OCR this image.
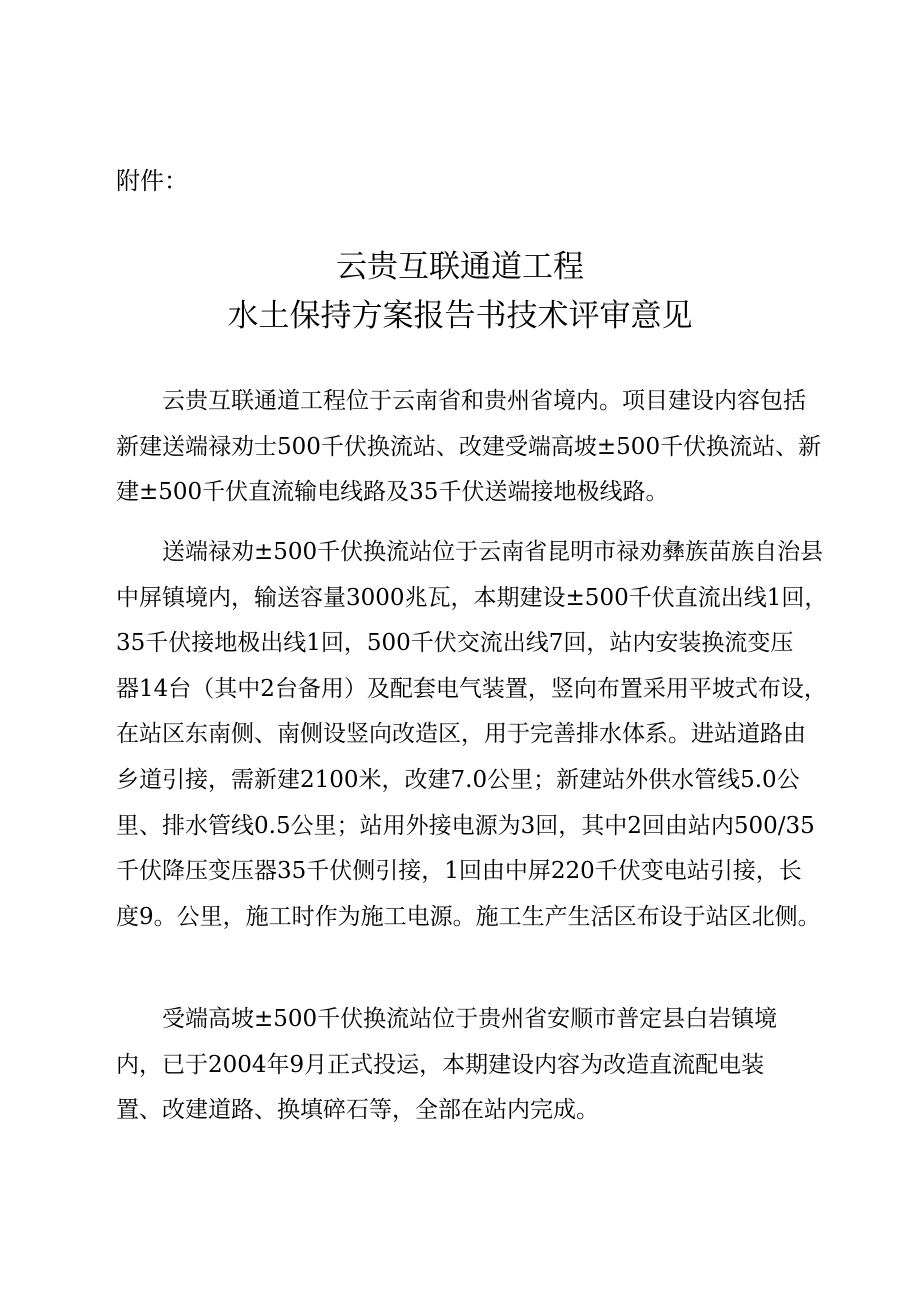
附件：
云贵互联通道工程
水土保持方案报告书技术评审意见
　　云贵互联通道工程位于云南省和贵州省境内。项目建设内容包括
新建送端禄劝士500千伏换流站、改建受端高坡±500千伏换流站、新
建±500千伏直流输电线路及35千伏送端接地极线路。
　　送端禄劝±500千伏换流站位于云南省昆明市禄劝彝族苗族自治县
中屏镇境内，输送容量3000兆瓦，本期建设±500千伏直流出线1回，
35千伏接地极出线1回，500千伏交流出线7回，站内安装换流变压
器14台（其中2台备用）及配套电气装置，竖向布置采用平坡式布设，
在站区东南侧、南侧设竖向改造区，用于完善排水体系。进站道路由
乡道引接，需新建2100米，改建7.0公里；新建站外供水管线5.0公
里、排水管线0.5公里；站用外接电源为3回，其中2回由站内500/35
千伏降压变压器35千伏侧引接，1回由中屏220千伏变电站引接，长
度9。公里，施工时作为施工电源。施工生产生活区布设于站区北侧。
　　受端高坡±500千伏换流站位于贵州省安顺市普定县白岩镇境
内，已于2004年9月正式投运，本期建设内容为改造直流配电装
置、改建道路、换填碎石等，全部在站内完成。
